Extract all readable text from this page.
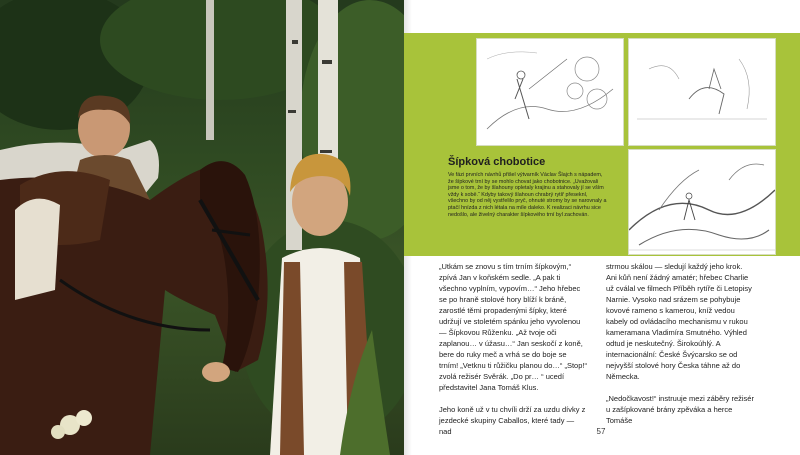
Šípková chobotice

Ve fázi prvních návrhů přišel výtvarník Václav Šlajch s nápadem, že šípkové trní by se mohlo chovat jako chobotnice. „Uvažovali jsme o tom, že by šlahouny opletaly krajinu a stahovaly jí se vším vždy k sobě.“ Kdyby takový šlahoun chrabrý rytíř přeseknl, všechno by od něj vystřelilo pryč, ohnuté stromy by se narovnaly a ptačí hnízda z nich létala na míle daleko. K realizaci návrhu sice nedošlo, ale živelný charakter šípkového trní byl zachován.

„Utkám se znovu s tím trním šípkovým,“ zpívá Jan v koňském sedle. „A pak ti všechno vyplním, vypovím…“ Jeho hřebec se po hraně stolové hory blíží k bráně, zarostlé těmi propadenými šípky, které udržují ve stoletém spánku jeho vyvolenou — Šípkovou Růženku. „Až tvoje oči zaplanou… v úžasu…“ Jan seskočí z koně, bere do ruky meč a vrhá se do boje se trním! „Vetknu ti růžičku planou do…“ „Stop!“ zvolá režisér Svěrák. „Do pr… “ ucedí představitel Jana Tomáš Klus.

Jeho koně už v tu chvíli drží za uzdu dívky z jezdecké skupiny Caballos, které tady — nad

strmou skálou — sledují každý jeho krok. Ani kůň není žádný amatér; hřebec Charlie už cválal ve filmech Příběh rytíře či Letopisy Narnie. Vysoko nad srázem se pohybuje kovové rameno s kamerou, kníž vedou kabely od ovládacího mechanismu v rukou kameramana Vladimíra Smutného. Výhled odtud je neskutečný. Širokoúhlý. A internacionální: České Švýcarsko se od nejvyšší stolové hory Česka táhne až do Německa.

„Nedočkavost!“ instruuje mezi záběry režisér u zašípkované brány zpěváka a herce Tomáše

57
